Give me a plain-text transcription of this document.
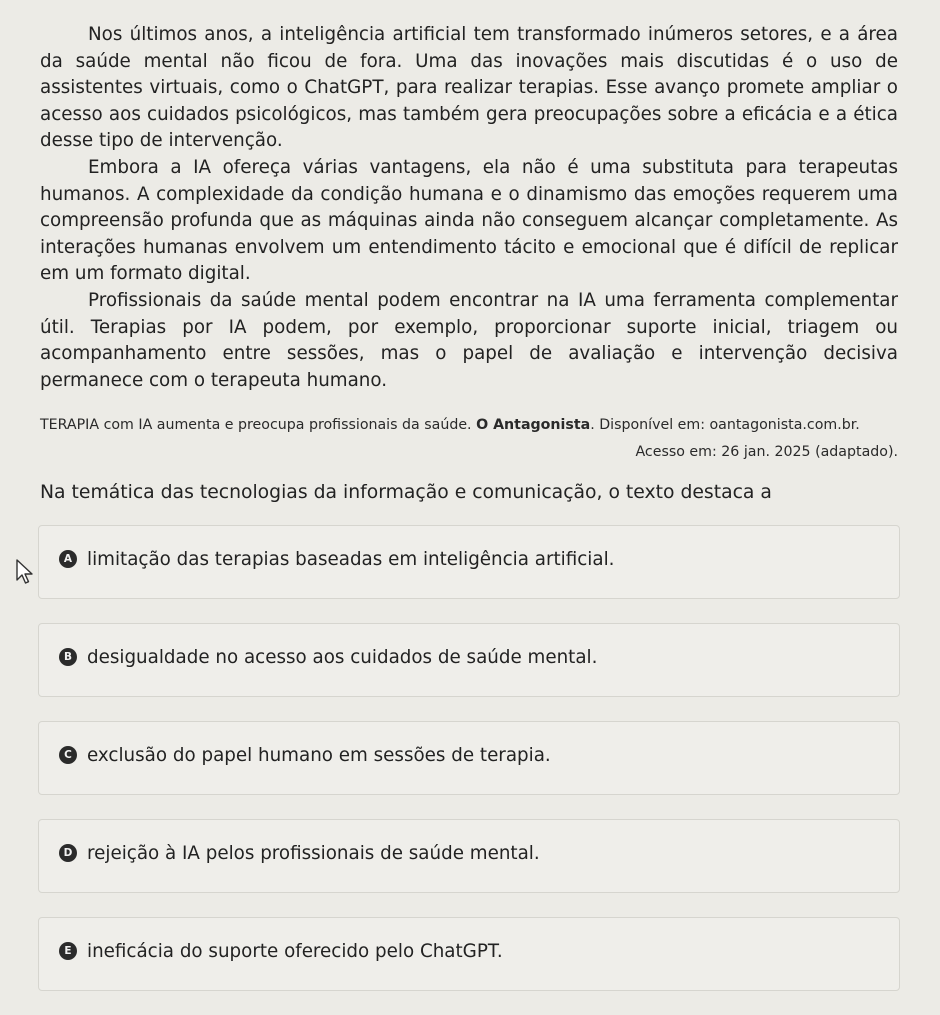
Nos últimos anos, a inteligência artificial tem transformado inúmeros setores, e a área da saúde mental não ficou de fora. Uma das inovações mais discutidas é o uso de assistentes virtuais, como o ChatGPT, para realizar terapias. Esse avanço promete ampliar o acesso aos cuidados psicológicos, mas também gera preocupações sobre a eficácia e a ética desse tipo de intervenção.

Embora a IA ofereça várias vantagens, ela não é uma substituta para terapeutas humanos. A complexidade da condição humana e o dinamismo das emoções requerem uma compreensão profunda que as máquinas ainda não conseguem alcançar completamente. As interações humanas envolvem um entendimento tácito e emocional que é difícil de replicar em um formato digital.

Profissionais da saúde mental podem encontrar na IA uma ferramenta complementar útil. Terapias por IA podem, por exemplo, proporcionar suporte inicial, triagem ou acompanhamento entre sessões, mas o papel de avaliação e intervenção decisiva permanece com o terapeuta humano.

TERAPIA com IA aumenta e preocupa profissionais da saúde. O Antagonista. Disponível em: oantagonista.com.br.
Acesso em: 26 jan. 2025 (adaptado).
Na temática das tecnologias da informação e comunicação, o texto destaca a
A limitação das terapias baseadas em inteligência artificial.
B desigualdade no acesso aos cuidados de saúde mental.
C exclusão do papel humano em sessões de terapia.
D rejeição à IA pelos profissionais de saúde mental.
E ineficácia do suporte oferecido pelo ChatGPT.
